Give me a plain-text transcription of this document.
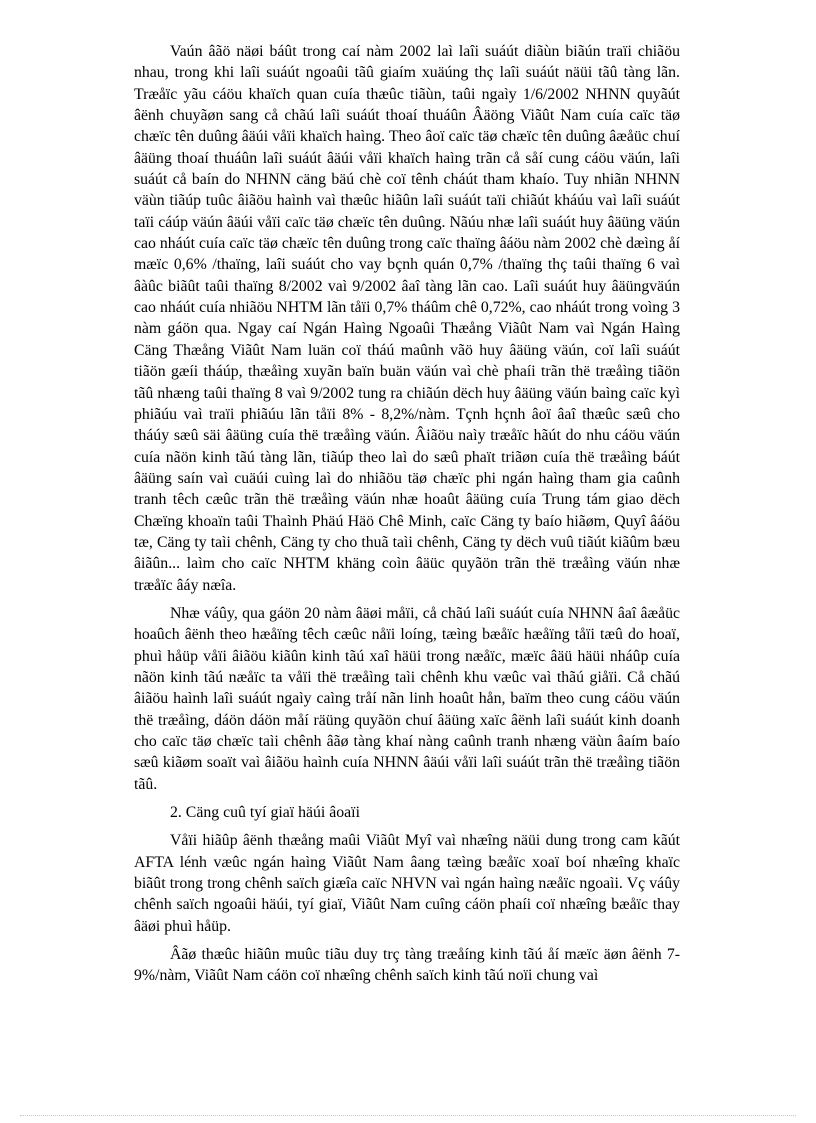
Vaún âãö näøi báût trong caí nàm 2002 laì laîi suáút diãùn biãún traïi chiãöu nhau, trong khi laîi suáút ngoaûi tãû giaím xuäúng thç laîi suáút näüi tãû tàng lãn. Træåïc yãu cáöu khaïch quan cuía thæûc tiãùn, taûi ngaìy 1/6/2002 NHNN quyãút âënh chuyãøn sang cå chãú laîi suáút thoaí thuáûn Âäöng Viãût Nam cuía caïc täø chæïc tên duûng âäúi våïi khaïch haìng. Theo âoï caïc täø chæïc tên duûng âæåüc chuí âäüng thoaí thuáûn laîi suáút âäúi våïi khaïch haìng trãn cå såí cung cáöu väún, laîi suáút cå baín do NHNN cäng bäú chè coï tênh cháút tham khaío. Tuy nhiãn NHNN väùn tiãúp tuûc âiãöu haình vaì thæûc hiãûn laîi suáút taïi chiãút kháúu vaì laîi suáút taïi cáúp väún âäúi våïi caïc täø chæïc tên duûng. Nãúu nhæ laîi suáút huy âäüng väún cao nháút cuía caïc täø chæïc tên duûng trong caïc thaïng âáöu nàm 2002 chè dæìng åí mæïc 0,6% /thaïng, laîi suáút cho vay bçnh quán 0,7% /thaïng thç taûi thaïng 6 vaì âàûc biãût taûi thaïng 8/2002 vaì 9/2002 âaî tàng lãn cao. Laîi suáút huy âäüngväún cao nháút cuía nhiãöu NHTM lãn tåïi 0,7% tháûm chê 0,72%, cao nháút trong voìng 3 nàm gáön qua. Ngay caí Ngán Haìng Ngoaûi Thæång Viãût Nam vaì Ngán Haìng Cäng Thæång Viãût Nam luän coï tháú maûnh vãö huy âäüng väún, coï laîi suáút tiãön gæíi tháúp, thæåìng xuyãn baïn buän väún vaì chè phaíi trãn thë træåìng tiãön tãû nhæng taûi thaïng 8 vaì 9/2002 tung ra chiãún dëch huy âäüng väún baìng caïc kyì phiãúu vaì traïi phiãúu lãn tåïi 8% - 8,2%/nàm. Tçnh hçnh âoï âaî thæûc sæû cho tháúy sæû säi âäüng cuía thë træåìng väún. Âiãöu naìy træåïc hãút do nhu cáöu väún cuía nãön kinh tãú tàng lãn, tiãúp theo laì do sæû phaït triãøn cuía thë træåìng báút âäüng saín vaì cuäúi cuìng laì do nhiãöu täø chæïc phi ngán haìng tham gia caûnh tranh têch cæûc trãn thë træåìng väún nhæ hoaût âäüng cuía Trung tám giao dëch Chæïng khoaïn taûi Thaình Phäú Häö Chê Minh, caïc Cäng ty baío hiãøm, Quyî âáöu tæ, Cäng ty taìi chênh, Cäng ty cho thuã taìi chênh, Cäng ty dëch vuû tiãút kiãûm bæu âiãûn... laìm cho caïc NHTM khäng coìn âäüc quyãön trãn thë træåìng väún nhæ træåïc âáy næîa.

Nhæ váûy, qua gáön 20 nàm âäøi måïi, cå chãú laîi suáút cuía NHNN âaî âæåüc hoaûch âënh theo hæåïng têch cæûc nåïi loíng, tæìng bæåïc hæåïng tåïi tæû do hoaï, phuì håüp våïi âiãöu kiãûn kinh tãú xaî häüi trong næåïc, mæïc âäü häüi nháûp cuía nãön kinh tãú næåïc ta våïi thë træåìng taìi chênh khu væûc vaì thãú giåïi. Cå chãú âiãöu haình laîi suáút ngaìy caìng tråí nãn linh hoaût hån, baïm theo cung cáöu väún thë træåìng, dáön dáön måí räüng quyãön chuí âäüng xaïc âënh laîi suáút kinh doanh cho caïc täø chæïc taìi chênh âãø tàng khaí nàng caûnh tranh nhæng väùn âaím baío sæû kiãøm soaït vaì âiãöu haình cuía NHNN âäúi våïi laîi suáút trãn thë træåìng tiãön tãû.

2. Cäng cuû tyí giaï häúi âoaïi

Våïi hiãûp âënh thæång maûi Viãût Myî vaì nhæîng näüi dung trong cam kãút AFTA lénh væûc ngán haìng Viãût Nam âang tæìng bæåïc xoaï boí nhæîng khaïc biãût trong trong chênh saïch giæîa caïc NHVN vaì ngán haìng næåïc ngoaìi. Vç váûy chênh saïch ngoaûi häúi, tyí giaï, Viãût Nam cuîng cáön phaíi coï nhæîng bæåïc thay âäøi phuì håüp.

Âãø thæûc hiãûn muûc tiãu duy trç tàng træåíng kinh tãú åí mæïc äøn âënh 7-9%/nàm, Viãût Nam cáön coï nhæîng chênh saïch kinh tãú noïi chung vaì
